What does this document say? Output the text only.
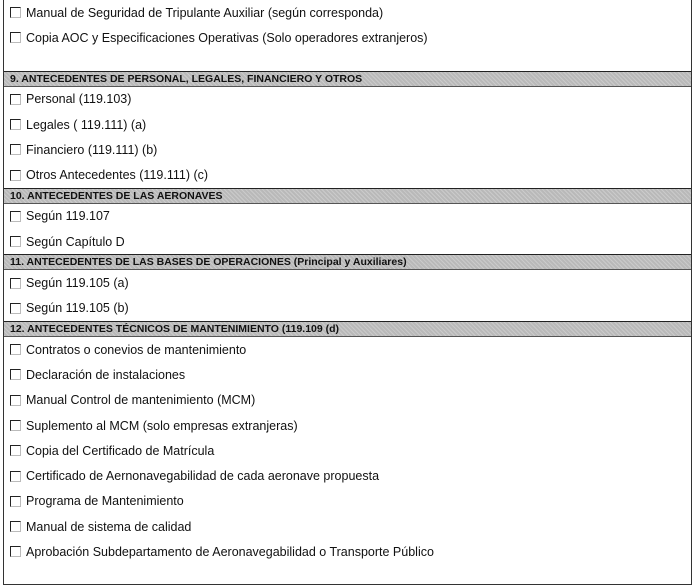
Manual de Seguridad de Tripulante Auxiliar (según corresponda)
Copia AOC y Especificaciones Operativas (Solo operadores extranjeros)
9. ANTECEDENTES DE PERSONAL, LEGALES, FINANCIERO Y OTROS
Personal (119.103)
Legales ( 119.111) (a)
Financiero (119.111) (b)
Otros Antecedentes (119.111) (c)
10. ANTECEDENTES DE LAS AERONAVES
Según 119.107
Según Capítulo D
11. ANTECEDENTES DE LAS BASES DE OPERACIONES (Principal y Auxiliares)
Según 119.105 (a)
Según 119.105 (b)
12. ANTECEDENTES TÉCNICOS DE MANTENIMIENTO (119.109 (d)
Contratos o conevios de mantenimiento
Declaración de instalaciones
Manual Control de mantenimiento (MCM)
Suplemento al MCM (solo empresas extranjeras)
Copia del Certificado de Matrícula
Certificado de Aernonavegabilidad de cada aeronave propuesta
Programa de Mantenimiento
Manual de sistema de calidad
Aprobación Subdepartamento de Aeronavegabilidad o Transporte Público
